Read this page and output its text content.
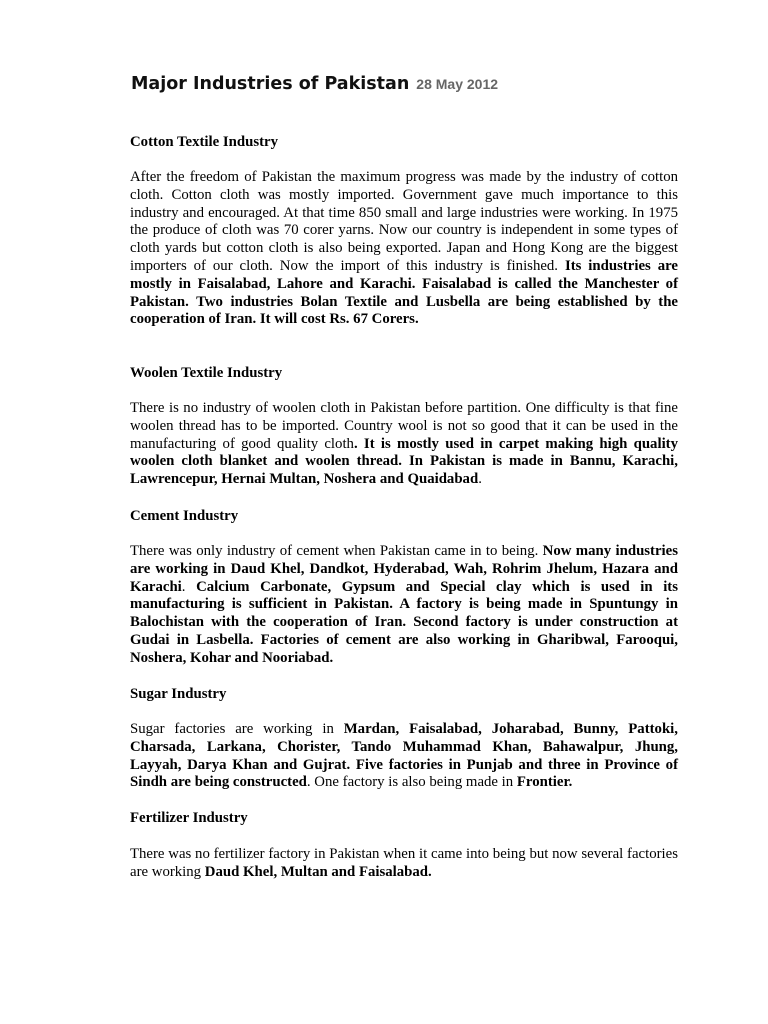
Major Industries of Pakistan 28 May 2012
Cotton Textile Industry
After the freedom of Pakistan the maximum progress was made by the industry of cotton cloth. Cotton cloth was mostly imported. Government gave much importance to this industry and encouraged. At that time 850 small and large industries were working. In 1975 the produce of cloth was 70 corer yarns. Now our country is independent in some types of cloth yards but cotton cloth is also being exported. Japan and Hong Kong are the biggest importers of our cloth. Now the import of this industry is finished. Its industries are mostly in Faisalabad, Lahore and Karachi. Faisalabad is called the Manchester of Pakistan. Two industries Bolan Textile and Lusbella are being established by the cooperation of Iran. It will cost Rs. 67 Corers.
Woolen Textile Industry
There is no industry of woolen cloth in Pakistan before partition. One difficulty is that fine woolen thread has to be imported. Country wool is not so good that it can be used in the manufacturing of good quality cloth. It is mostly used in carpet making high quality woolen cloth blanket and woolen thread. In Pakistan is made in Bannu, Karachi, Lawrencepur, Hernai Multan, Noshera and Quaidabad.
Cement Industry
There was only industry of cement when Pakistan came in to being. Now many industries are working in Daud Khel, Dandkot, Hyderabad, Wah, Rohrim Jhelum, Hazara and Karachi. Calcium Carbonate, Gypsum and Special clay which is used in its manufacturing is sufficient in Pakistan. A factory is being made in Spuntungy in Balochistan with the cooperation of Iran. Second factory is under construction at Gudai in Lasbella. Factories of cement are also working in Gharibwal, Farooqui, Noshera, Kohar and Nooriabad.
Sugar Industry
Sugar factories are working in Mardan, Faisalabad, Joharabad, Bunny, Pattoki, Charsada, Larkana, Chorister, Tando Muhammad Khan, Bahawalpur, Jhung, Layyah, Darya Khan and Gujrat. Five factories in Punjab and three in Province of Sindh are being constructed. One factory is also being made in Frontier.
Fertilizer Industry
There was no fertilizer factory in Pakistan when it came into being but now several factories are working Daud Khel, Multan and Faisalabad.
